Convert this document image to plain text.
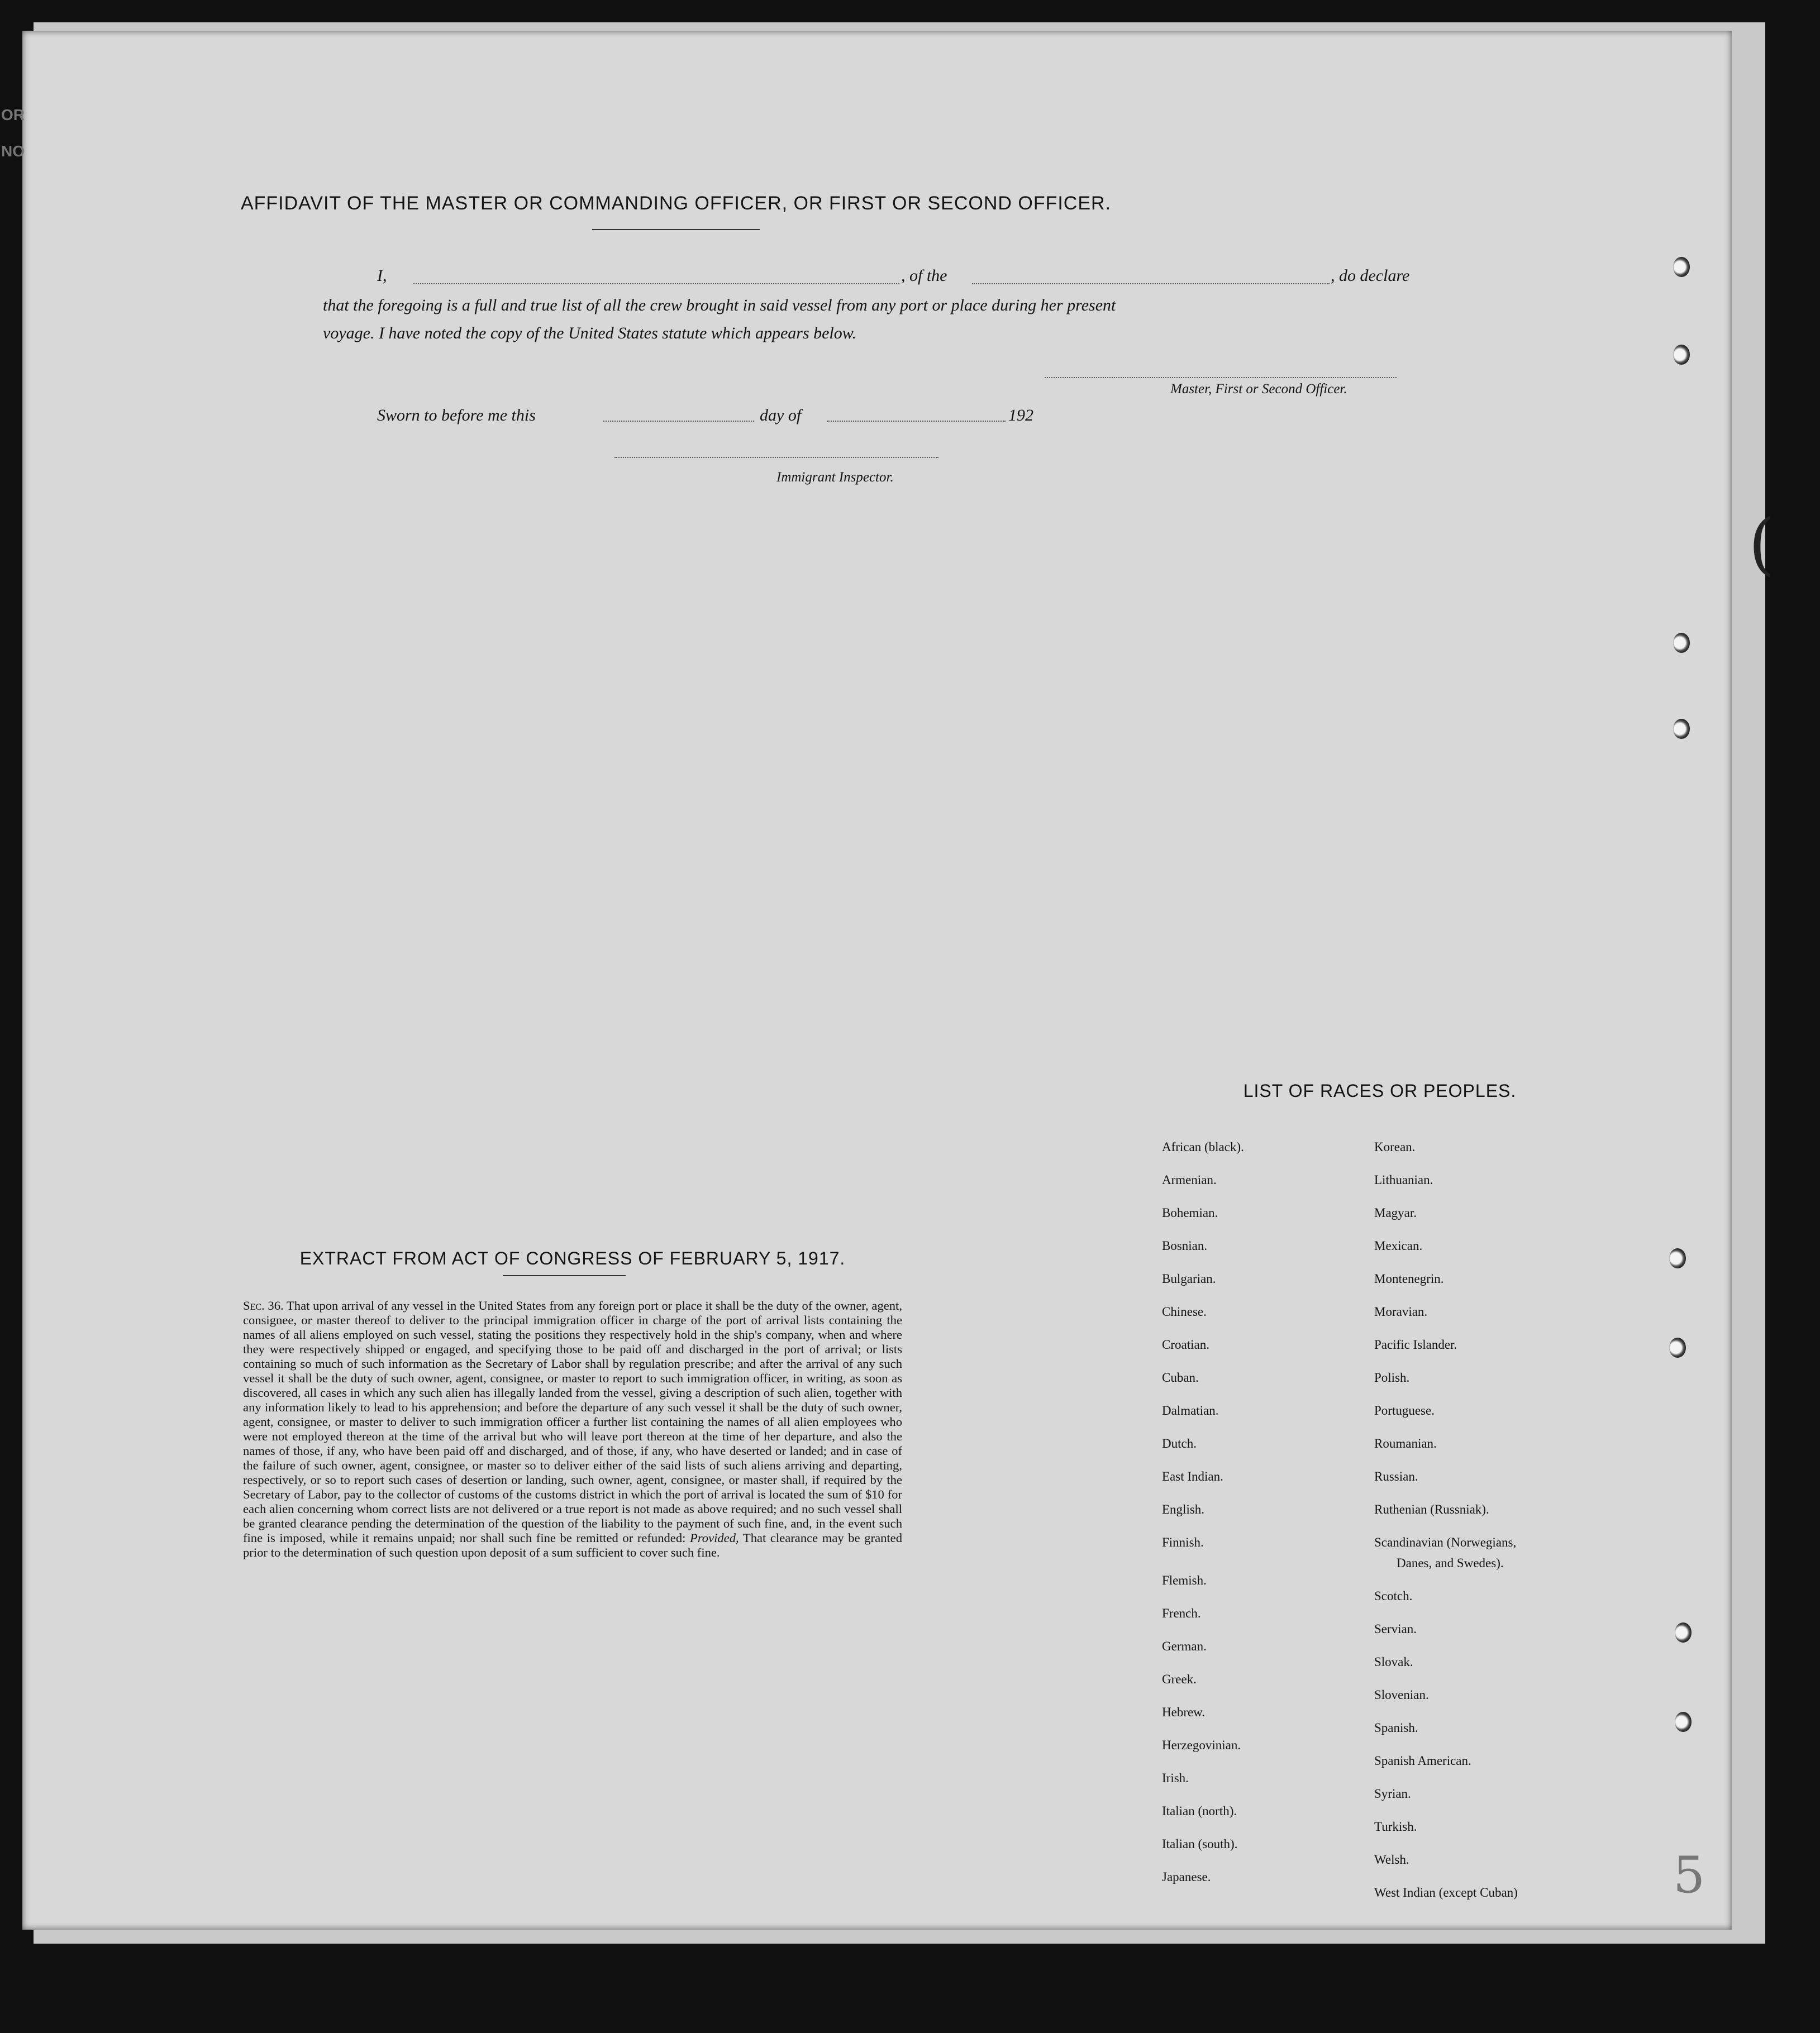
AFFIDAVIT OF THE MASTER OR COMMANDING OFFICER, OR FIRST OR SECOND OFFICER.
I,	, of the	, do declare
that the foregoing is a full and true list of all the crew brought in said vessel from any port or place during her present
voyage. I have noted the copy of the United States statute which appears below.
Master, First or Second Officer.
Sworn to before me this	day of	192
Immigrant Inspector.
EXTRACT FROM ACT OF CONGRESS OF FEBRUARY 5, 1917.
Sec. 36. That upon arrival of any vessel in the United States from any foreign port or place it shall be the duty of the owner, agent, consignee, or master thereof to deliver to the principal immigration officer in charge of the port of arrival lists containing the names of all aliens employed on such vessel, stating the positions they respectively hold in the ship's company, when and where they were respectively shipped or engaged, and specifying those to be paid off and discharged in the port of arrival; or lists containing so much of such information as the Secretary of Labor shall by regulation prescribe; and after the arrival of any such vessel it shall be the duty of such owner, agent, consignee, or master to report to such immigration officer, in writing, as soon as discovered, all cases in which any such alien has illegally landed from the vessel, giving a description of such alien, together with any information likely to lead to his apprehension; and before the departure of any such vessel it shall be the duty of such owner, agent, consignee, or master to deliver to such immigration officer a further list containing the names of all alien employees who were not employed thereon at the time of the arrival but who will leave port thereon at the time of her departure, and also the names of those, if any, who have been paid off and discharged, and of those, if any, who have deserted or landed; and in case of the failure of such owner, agent, consignee, or master so to deliver either of the said lists of such aliens arriving and departing, respectively, or so to report such cases of desertion or landing, such owner, agent, consignee, or master shall, if required by the Secretary of Labor, pay to the collector of customs of the customs district in which the port of arrival is located the sum of $10 for each alien concerning whom correct lists are not delivered or a true report is not made as above required; and no such vessel shall be granted clearance pending the determination of the question of the liability to the payment of such fine, and, in the event such fine is imposed, while it remains unpaid; nor shall such fine be remitted or refunded: Provided, That clearance may be granted prior to the determination of such question upon deposit of a sum sufficient to cover such fine.
LIST OF RACES OR PEOPLES.
African (black).
Armenian.
Bohemian.
Bosnian.
Bulgarian.
Chinese.
Croatian.
Cuban.
Dalmatian.
Dutch.
East Indian.
English.
Finnish.
Flemish.
French.
German.
Greek.
Hebrew.
Herzegovinian.
Irish.
Italian (north).
Italian (south).
Japanese.
Korean.
Lithuanian.
Magyar.
Mexican.
Montenegrin.
Moravian.
Pacific Islander.
Polish.
Portuguese.
Roumanian.
Russian.
Ruthenian (Russniak).
Scandinavian (Norwegians,
Danes, and Swedes).
Scotch.
Servian.
Slovak.
Slovenian.
Spanish.
Spanish American.
Syrian.
Turkish.
Welsh.
West Indian (except Cuban)
(
5
OR
NO
